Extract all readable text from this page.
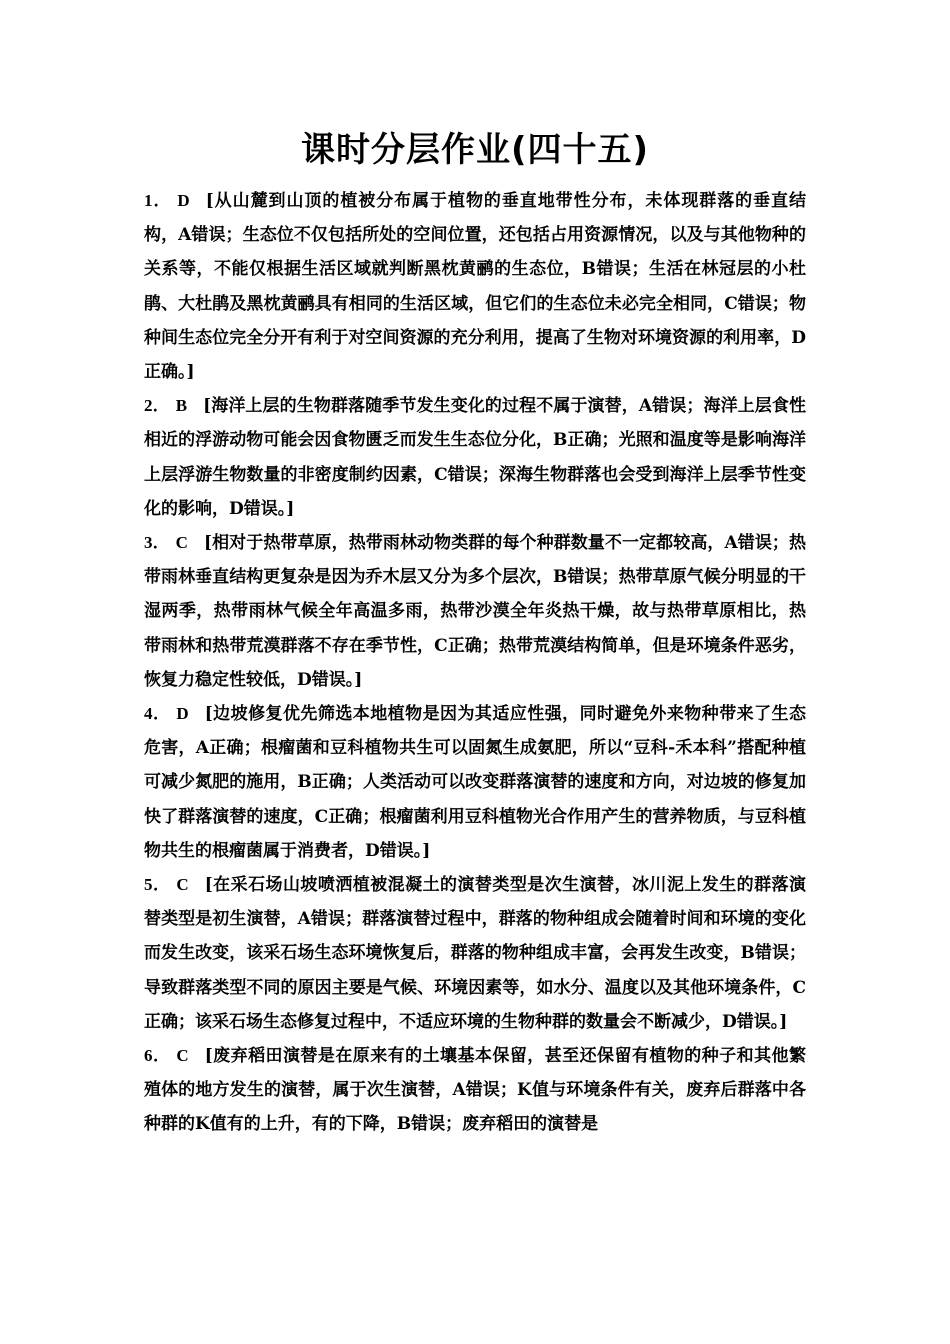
课时分层作业(四十五)

1． D [从山麓到山顶的植被分布属于植物的垂直地带性分布，未体现群落的垂直结构，A错误；生态位不仅包括所处的空间位置，还包括占用资源情况，以及与其他物种的关系等，不能仅根据生活区域就判断黑枕黄鹂的生态位，B错误；生活在林冠层的小杜鹃、大杜鹃及黑枕黄鹂具有相同的生活区域，但它们的生态位未必完全相同，C错误；物种间生态位完全分开有利于对空间资源的充分利用，提高了生物对环境资源的利用率，D正确。]

2． B [海洋上层的生物群落随季节发生变化的过程不属于演替，A错误；海洋上层食性相近的浮游动物可能会因食物匮乏而发生生态位分化，B正确；光照和温度等是影响海洋上层浮游生物数量的非密度制约因素，C错误；深海生物群落也会受到海洋上层季节性变化的影响，D错误。]

3． C [相对于热带草原，热带雨林动物类群的每个种群数量不一定都较高，A错误；热带雨林垂直结构更复杂是因为乔木层又分为多个层次，B错误；热带草原气候分明显的干湿两季，热带雨林气候全年高温多雨，热带沙漠全年炎热干燥，故与热带草原相比，热带雨林和热带荒漠群落不存在季节性，C正确；热带荒漠结构简单，但是环境条件恶劣，恢复力稳定性较低，D错误。]

4． D [边坡修复优先筛选本地植物是因为其适应性强，同时避免外来物种带来了生态危害，A正确；根瘤菌和豆科植物共生可以固氮生成氨肥，所以“豆科-禾本科”搭配种植可减少氮肥的施用，B正确；人类活动可以改变群落演替的速度和方向，对边坡的修复加快了群落演替的速度，C正确；根瘤菌利用豆科植物光合作用产生的营养物质，与豆科植物共生的根瘤菌属于消费者，D错误。]

5． C [在采石场山坡喷洒植被混凝土的演替类型是次生演替，冰川泥上发生的群落演替类型是初生演替，A错误；群落演替过程中，群落的物种组成会随着时间和环境的变化而发生改变，该采石场生态环境恢复后，群落的物种组成丰富，会再发生改变，B错误；导致群落类型不同的原因主要是气候、环境因素等，如水分、温度以及其他环境条件，C正确；该采石场生态修复过程中，不适应环境的生物种群的数量会不断减少，D错误。]

6． C [废弃稻田演替是在原来有的土壤基本保留，甚至还保留有植物的种子和其他繁殖体的地方发生的演替，属于次生演替，A错误；K值与环境条件有关，废弃后群落中各种群的K值有的上升，有的下降，B错误；废弃稻田的演替是
